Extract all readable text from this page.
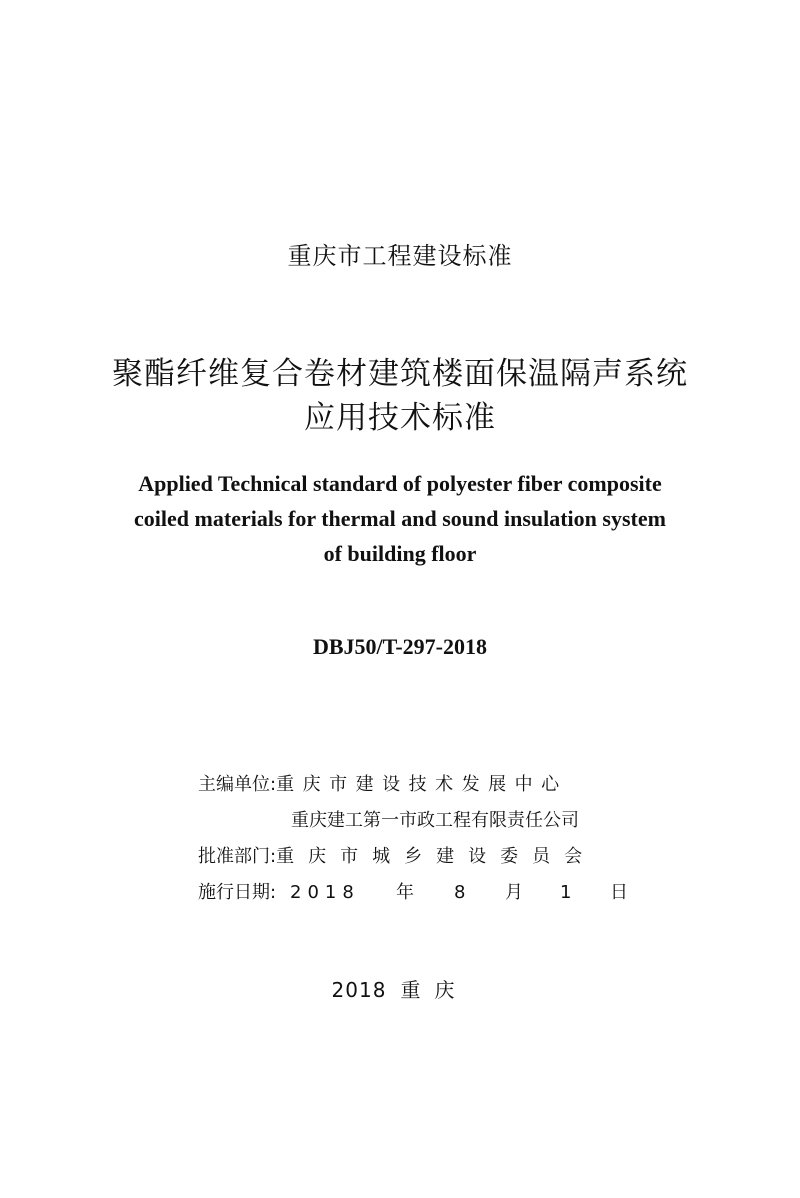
重庆市工程建设标准
聚酯纤维复合卷材建筑楼面保温隔声系统
应用技术标准
Applied Technical standard of polyester fiber composite
coiled materials for thermal and sound insulation system
of building floor
DBJ50/T-297-2018
主编单位:重庆市建设技术发展中心
重庆建工第一市政工程有限责任公司
批准部门:重庆市城乡建设委员会
施行日期: 2018 年 8 月 1 日
2018 重庆
